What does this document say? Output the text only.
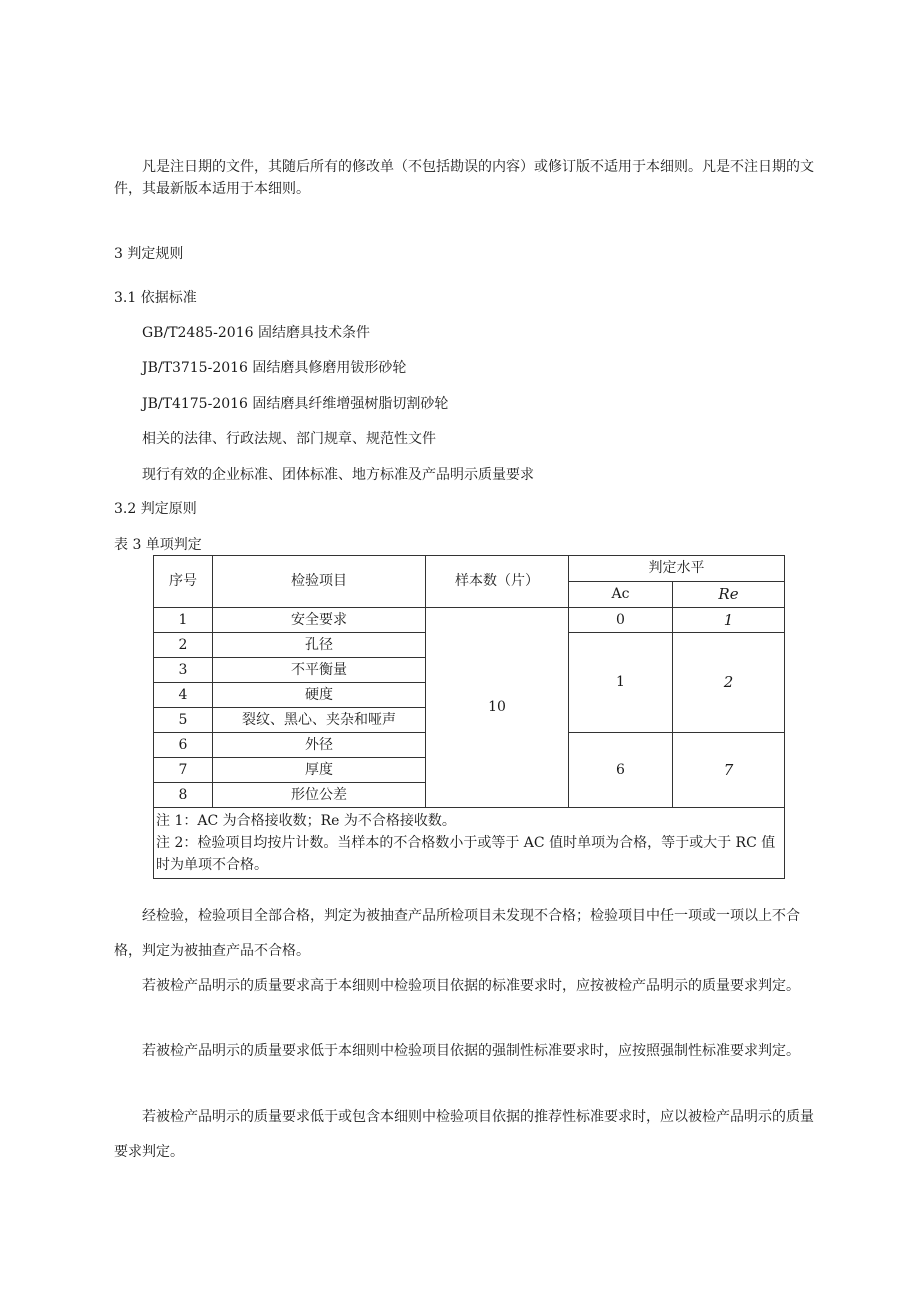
凡是注日期的文件，其随后所有的修改单（不包括勘误的内容）或修订版不适用于本细则。凡是不注日期的文件，其最新版本适用于本细则。

3 判定规则

3.1 依据标准

GB/T2485-2016 固结磨具技术条件

JB/T3715-2016 固结磨具修磨用钹形砂轮

JB/T4175-2016 固结磨具纤维增强树脂切割砂轮

相关的法律、行政法规、部门规章、规范性文件

现行有效的企业标准、团体标准、地方标准及产品明示质量要求

3.2 判定原则

表 3 单项判定

序号	检验项目	样本数（片）	判定水平	
			Ac	Re
1	安全要求	10	0	1
2	孔径		1	2
3	不平衡量			
4	硬度			
5	裂纹、黑心、夹杂和哑声			
6	外径		6	7
7	厚度			
8	形位公差			

注 1：AC 为合格接收数；Re 为不合格接收数。
注 2：检验项目均按片计数。当样本的不合格数小于或等于 AC 值时单项为合格，等于或大于 RC 值时为单项不合格。				

经检验，检验项目全部合格，判定为被抽查产品所检项目未发现不合格；检验项目中任一项或一项以上不合格，判定为被抽查产品不合格。

若被检产品明示的质量要求高于本细则中检验项目依据的标准要求时，应按被检产品明示的质量要求判定。

若被检产品明示的质量要求低于本细则中检验项目依据的强制性标准要求时，应按照强制性标准要求判定。

若被检产品明示的质量要求低于或包含本细则中检验项目依据的推荐性标准要求时，应以被检产品明示的质量要求判定。
